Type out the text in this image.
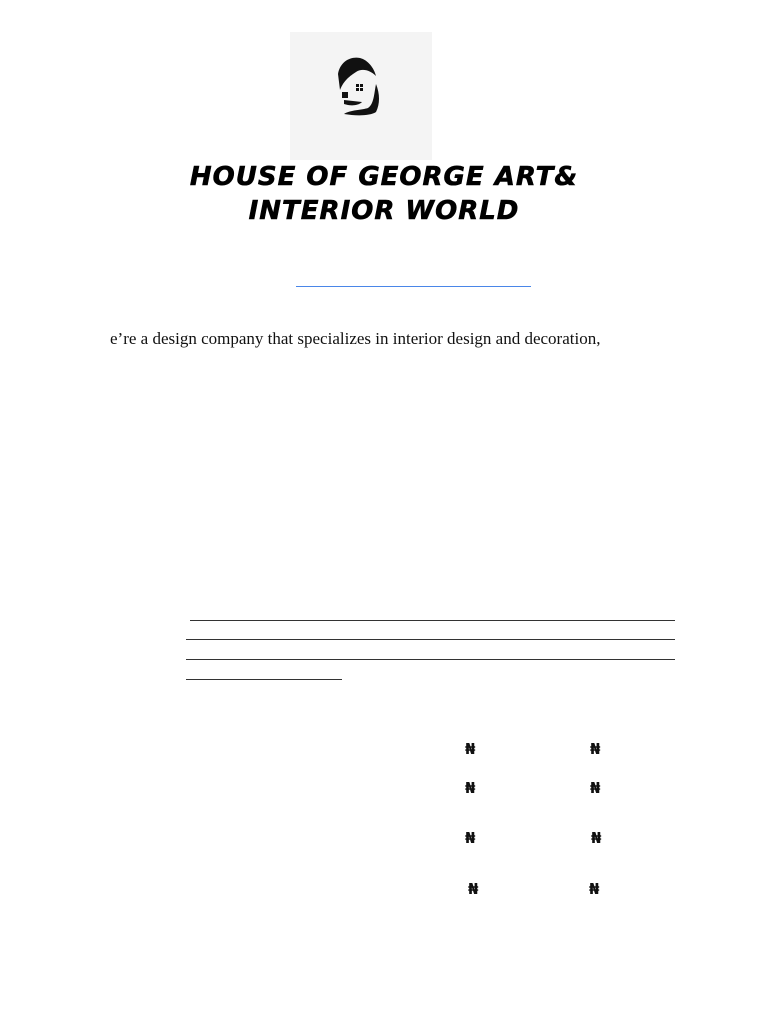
HOUSE OF GEORGE ART& INTERIOR WORLD
e’re a design company that specializes in interior design and decoration,
₦	₦
₦	₦
₦	₦
₦	₦
